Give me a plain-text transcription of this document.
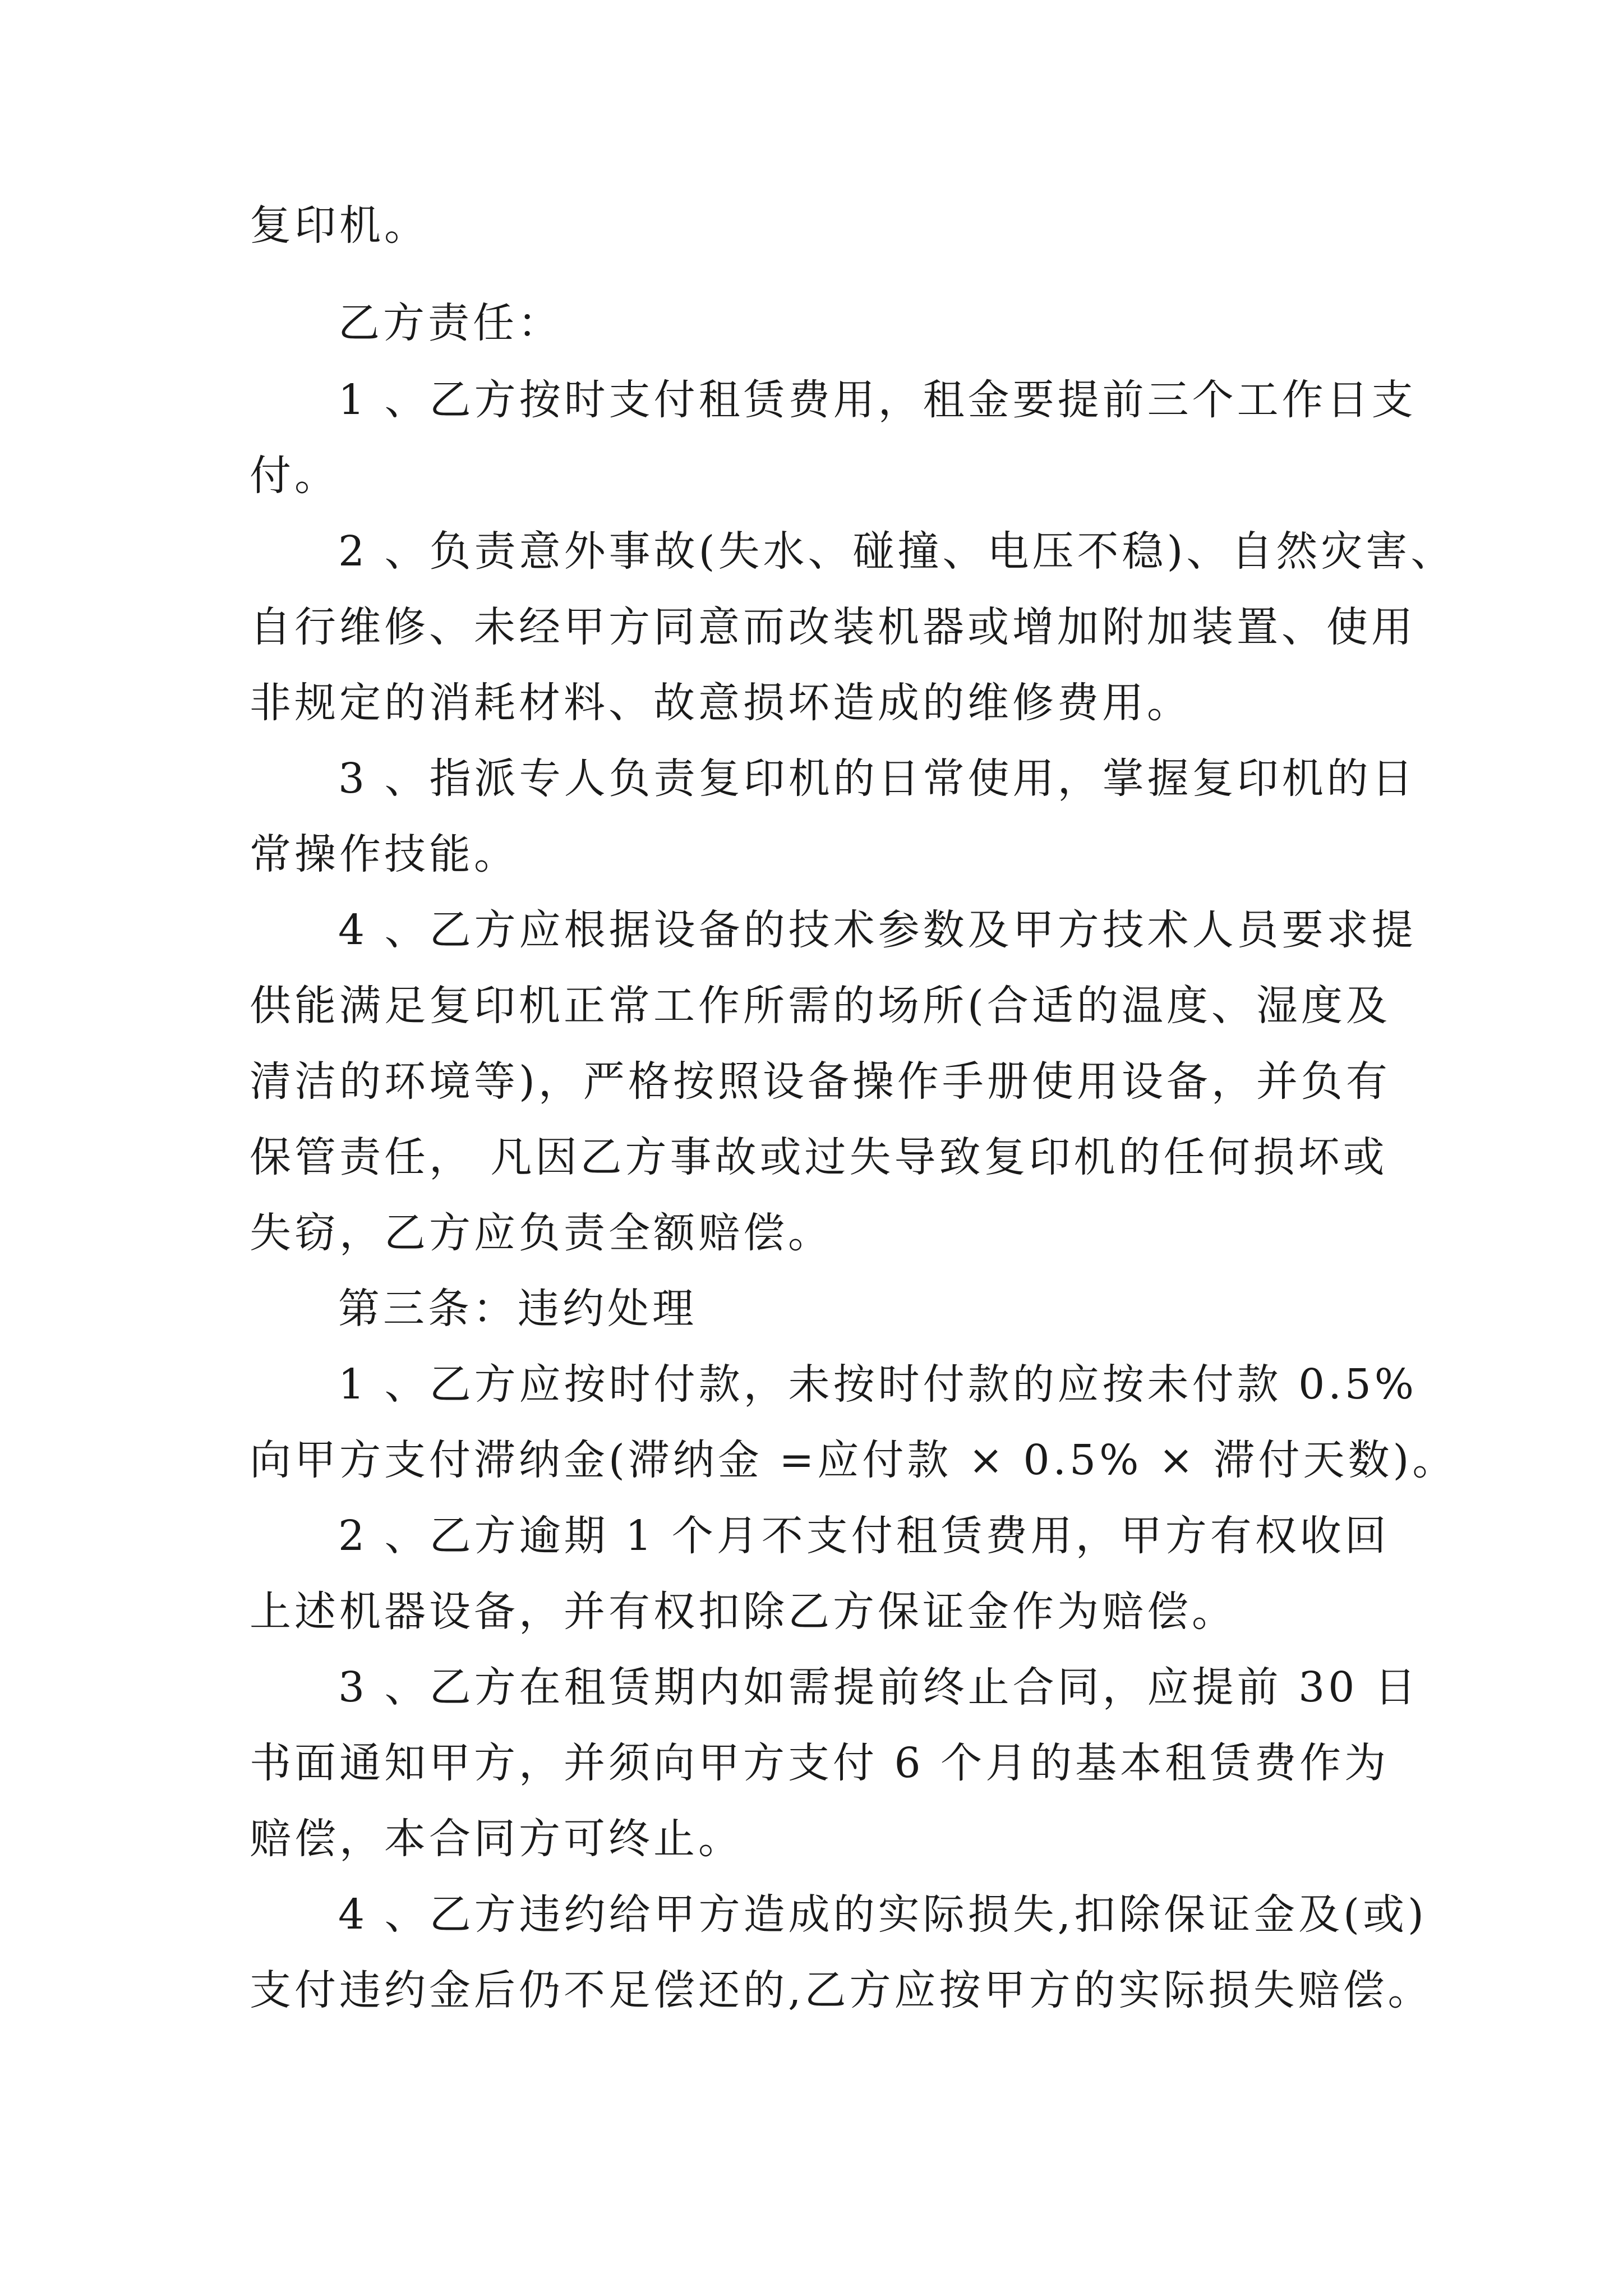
复印机。
乙方责任：
1 、乙方按时支付租赁费用，租金要提前三个工作日支
付。
2 、负责意外事故(失水、碰撞、电压不稳)、自然灾害、
自行维修、未经甲方同意而改装机器或增加附加装置、使用
非规定的消耗材料、故意损坏造成的维修费用。
3 、指派专人负责复印机的日常使用，掌握复印机的日
常操作技能。
4 、乙方应根据设备的技术参数及甲方技术人员要求提
供能满足复印机正常工作所需的场所(合适的温度、湿度及
清洁的环境等)，严格按照设备操作手册使用设备，并负有
保管责任， 凡因乙方事故或过失导致复印机的任何损坏或
失窃，乙方应负责全额赔偿。
第三条：违约处理
1 、乙方应按时付款，未按时付款的应按未付款 0.5%
向甲方支付滞纳金(滞纳金 =应付款 × 0.5% × 滞付天数)。
2 、乙方逾期 1 个月不支付租赁费用，甲方有权收回
上述机器设备，并有权扣除乙方保证金作为赔偿。
3 、乙方在租赁期内如需提前终止合同，应提前 30 日
书面通知甲方，并须向甲方支付 6 个月的基本租赁费作为
赔偿，本合同方可终止。
4 、乙方违约给甲方造成的实际损失,扣除保证金及(或)
支付违约金后仍不足偿还的,乙方应按甲方的实际损失赔偿。
